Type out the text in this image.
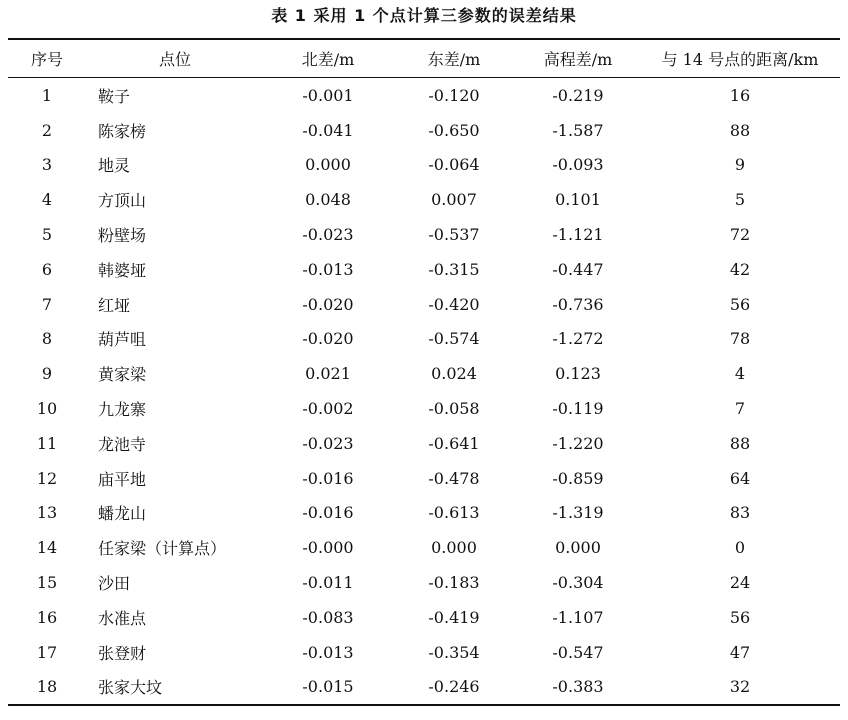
表 1 采用 1 个点计算三参数的误差结果
序号	点位	北差/m	东差/m	高程差/m	与 14 号点的距离/km
1	鞍子	-0.001	-0.120	-0.219	16
2	陈家榜	-0.041	-0.650	-1.587	88
3	地灵	0.000	-0.064	-0.093	9
4	方顶山	0.048	0.007	0.101	5
5	粉壁场	-0.023	-0.537	-1.121	72
6	韩婆垭	-0.013	-0.315	-0.447	42
7	红垭	-0.020	-0.420	-0.736	56
8	葫芦咀	-0.020	-0.574	-1.272	78
9	黄家梁	0.021	0.024	0.123	4
10	九龙寨	-0.002	-0.058	-0.119	7
11	龙池寺	-0.023	-0.641	-1.220	88
12	庙平地	-0.016	-0.478	-0.859	64
13	蟠龙山	-0.016	-0.613	-1.319	83
14	任家梁（计算点）	-0.000	0.000	0.000	0
15	沙田	-0.011	-0.183	-0.304	24
16	水准点	-0.083	-0.419	-1.107	56
17	张登财	-0.013	-0.354	-0.547	47
18	张家大坟	-0.015	-0.246	-0.383	32
